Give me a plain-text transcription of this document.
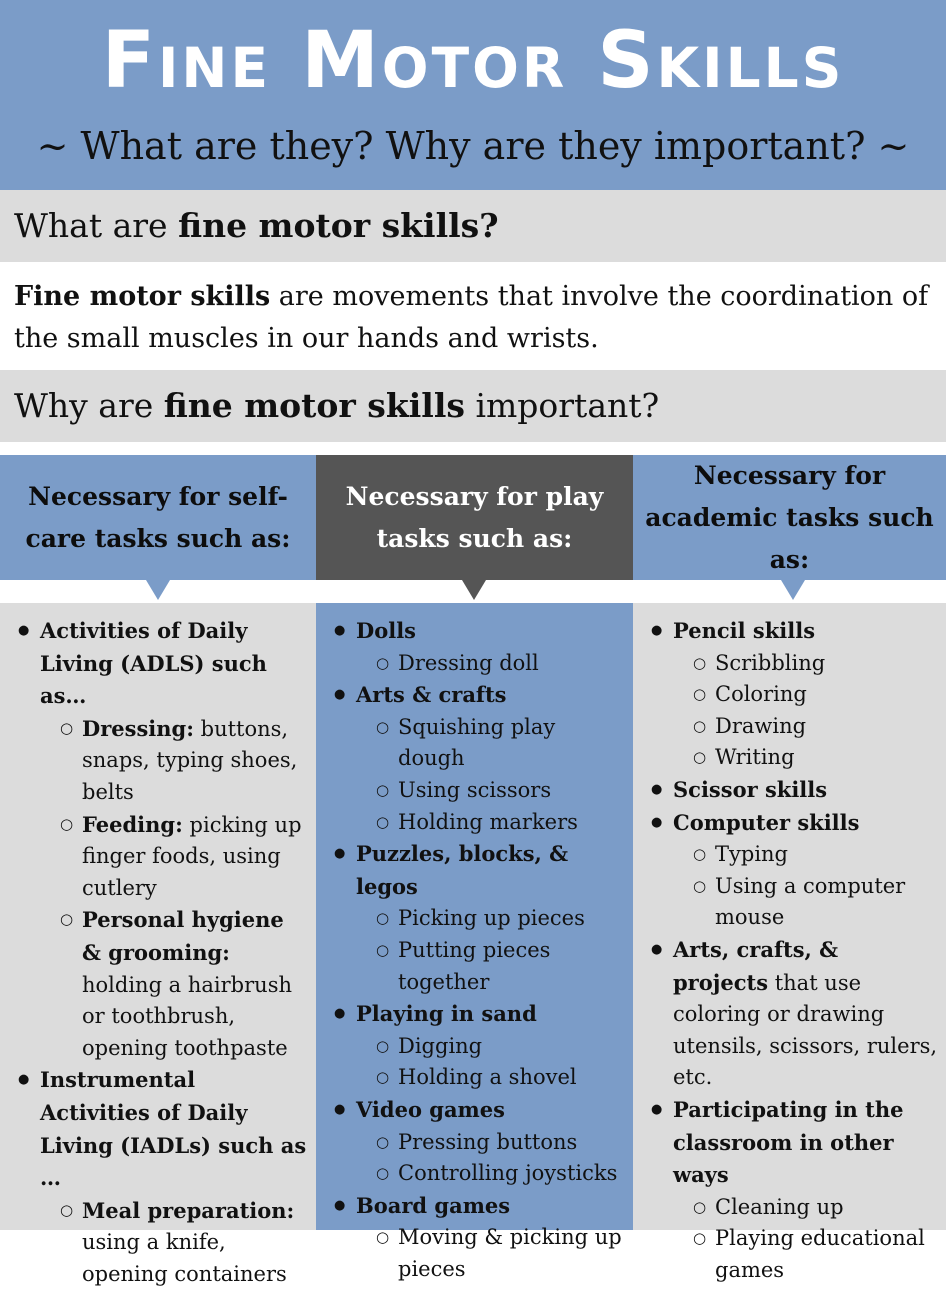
Fine Motor Skills
~ What are they? Why are they important? ~
What are fine motor skills?
Fine motor skills are movements that involve the coordination of the small muscles in our hands and wrists.
Why are fine motor skills important?
Necessary for self-care tasks such as:
● Activities of Daily Living (ADLS) such as…
○ Dressing: buttons, snaps, typing shoes, belts
○ Feeding: picking up finger foods, using cutlery
○ Personal hygiene & grooming: holding a hairbrush or toothbrush, opening toothpaste
● Instrumental Activities of Daily Living (IADLs) such as …
○ Meal preparation: using a knife, opening containers
Necessary for play tasks such as:
● Dolls
○ Dressing doll
● Arts & crafts
○ Squishing play dough
○ Using scissors
○ Holding markers
● Puzzles, blocks, & legos
○ Picking up pieces
○ Putting pieces together
● Playing in sand
○ Digging
○ Holding a shovel
● Video games
○ Pressing buttons
○ Controlling joysticks
● Board games
○ Moving & picking up pieces
Necessary for academic tasks such as:
● Pencil skills
○ Scribbling
○ Coloring
○ Drawing
○ Writing
● Scissor skills
● Computer skills
○ Typing
○ Using a computer mouse
● Arts, crafts, & projects that use coloring or drawing utensils, scissors, rulers, etc.
● Participating in the classroom in other ways
○ Cleaning up
○ Playing educational games
